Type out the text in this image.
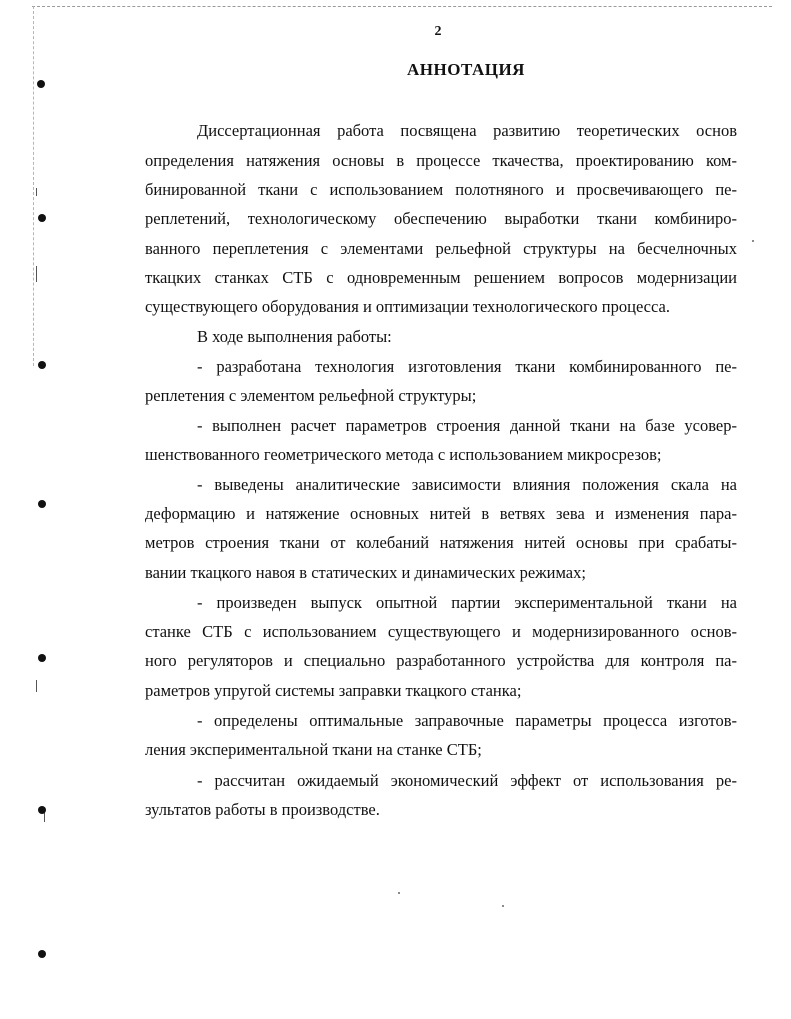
2
АННОТАЦИЯ
Диссертационная работа посвящена развитию теоретических основ
определения натяжения основы в процессе ткачества, проектированию ком-
бинированной ткани с использованием полотняного и просвечивающего пе-
реплетений, технологическому обеспечению выработки ткани комбиниро-
ванного переплетения с элементами рельефной структуры на бесчелночных
ткацких станках СТБ с одновременным решением вопросов модернизации
существующего оборудования и оптимизации технологического процесса.
В ходе выполнения работы:
- разработана технология изготовления ткани комбинированного пе-
реплетения с элементом рельефной структуры;
- выполнен расчет параметров строения данной ткани на базе усовер-
шенствованного геометрического метода с использованием микросрезов;
- выведены аналитические зависимости влияния положения скала на
деформацию и натяжение основных нитей в ветвях зева и изменения пара-
метров строения ткани от колебаний натяжения нитей основы при срабаты-
вании ткацкого навоя в статических и динамических режимах;
- произведен выпуск опытной партии экспериментальной ткани на
станке СТБ с использованием существующего и модернизированного основ-
ного регуляторов и специально разработанного устройства для контроля па-
раметров упругой системы заправки ткацкого станка;
- определены оптимальные заправочные параметры процесса изготов-
ления экспериментальной ткани на станке СТБ;
- рассчитан ожидаемый экономический эффект от использования ре-
зультатов работы в производстве.
